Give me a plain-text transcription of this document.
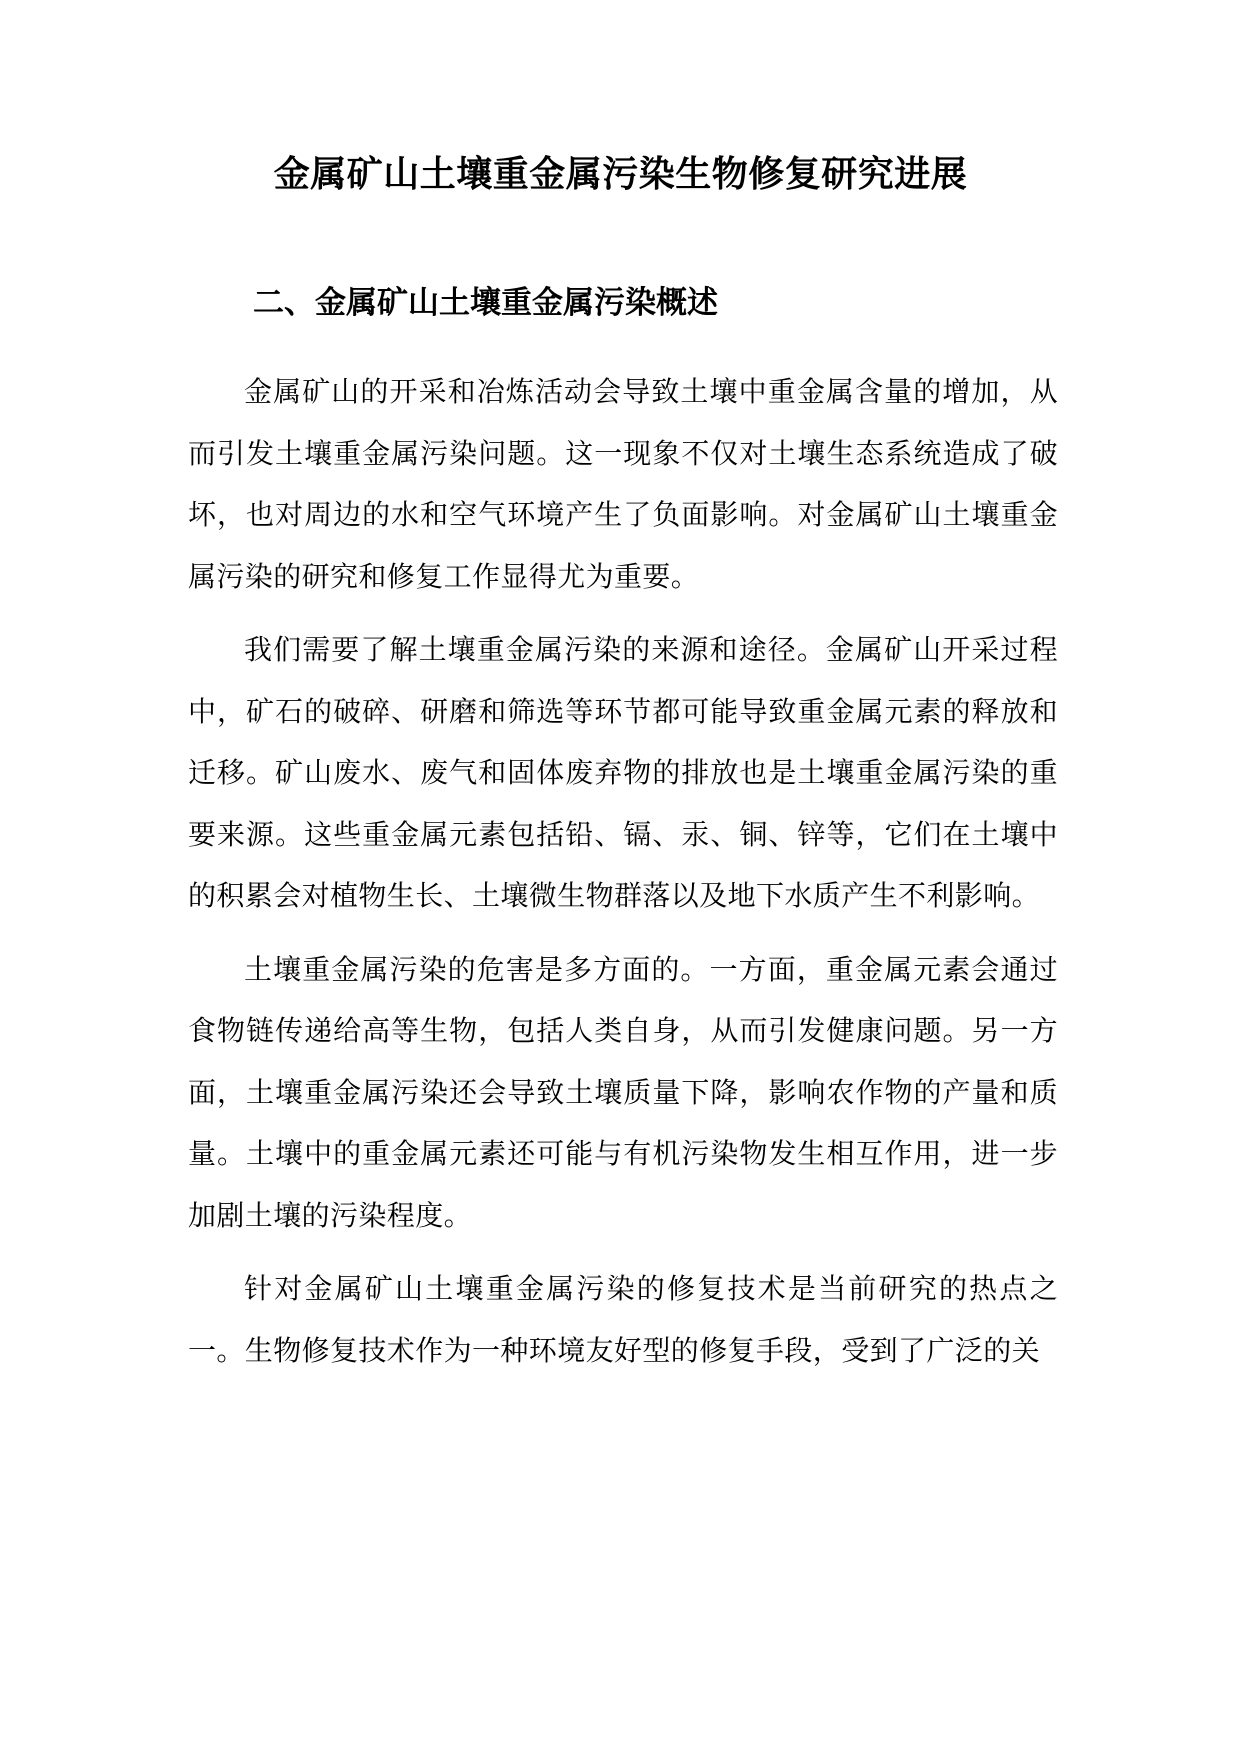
金属矿山土壤重金属污染生物修复研究进展
二、金属矿山土壤重金属污染概述

金属矿山的开采和冶炼活动会导致土壤中重金属含量的增加，从而引发土壤重金属污染问题。这一现象不仅对土壤生态系统造成了破坏，也对周边的水和空气环境产生了负面影响。对金属矿山土壤重金属污染的研究和修复工作显得尤为重要。

我们需要了解土壤重金属污染的来源和途径。金属矿山开采过程中，矿石的破碎、研磨和筛选等环节都可能导致重金属元素的释放和迁移。矿山废水、废气和固体废弃物的排放也是土壤重金属污染的重要来源。这些重金属元素包括铅、镉、汞、铜、锌等，它们在土壤中的积累会对植物生长、土壤微生物群落以及地下水质产生不利影响。

土壤重金属污染的危害是多方面的。一方面，重金属元素会通过食物链传递给高等生物，包括人类自身，从而引发健康问题。另一方面，土壤重金属污染还会导致土壤质量下降，影响农作物的产量和质量。土壤中的重金属元素还可能与有机污染物发生相互作用，进一步加剧土壤的污染程度。

针对金属矿山土壤重金属污染的修复技术是当前研究的热点之一。生物修复技术作为一种环境友好型的修复手段，受到了广泛的关
